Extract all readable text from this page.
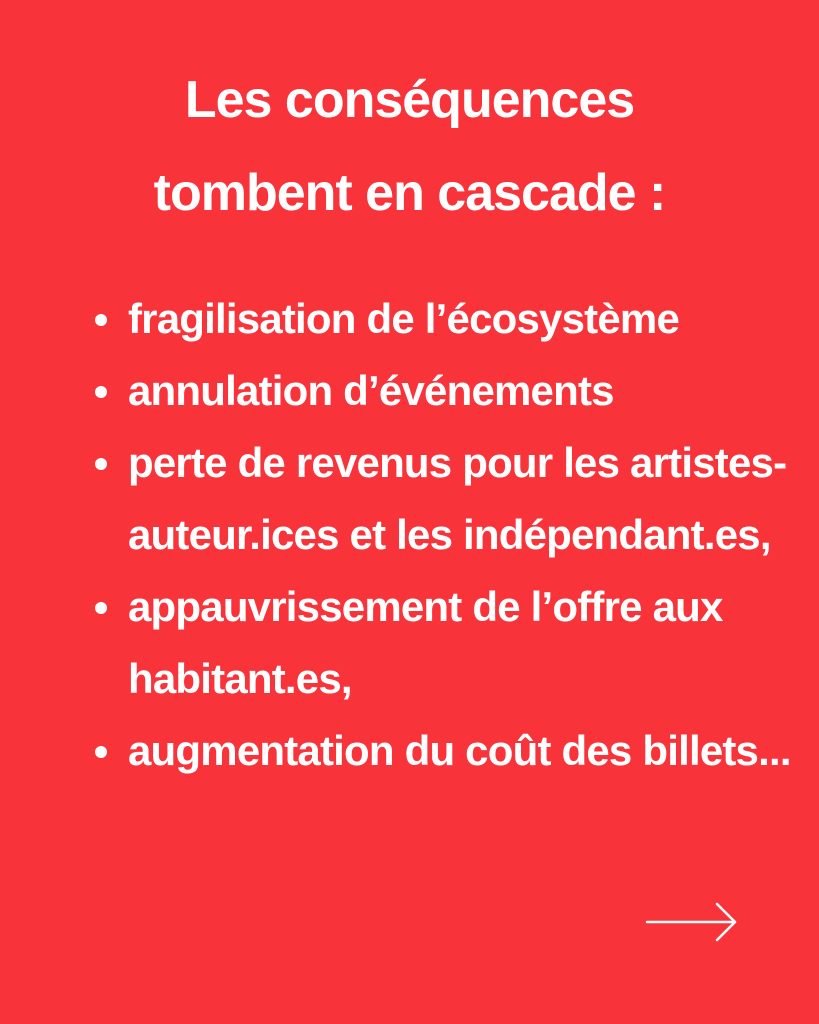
Les conséquences
tombent en cascade :
fragilisation de l’écosystème
annulation d’événements
perte de revenus pour les artistes-auteur.ices et les indépendant.es,
appauvrissement de l’offre aux habitant.es,
augmentation du coût des billets...
